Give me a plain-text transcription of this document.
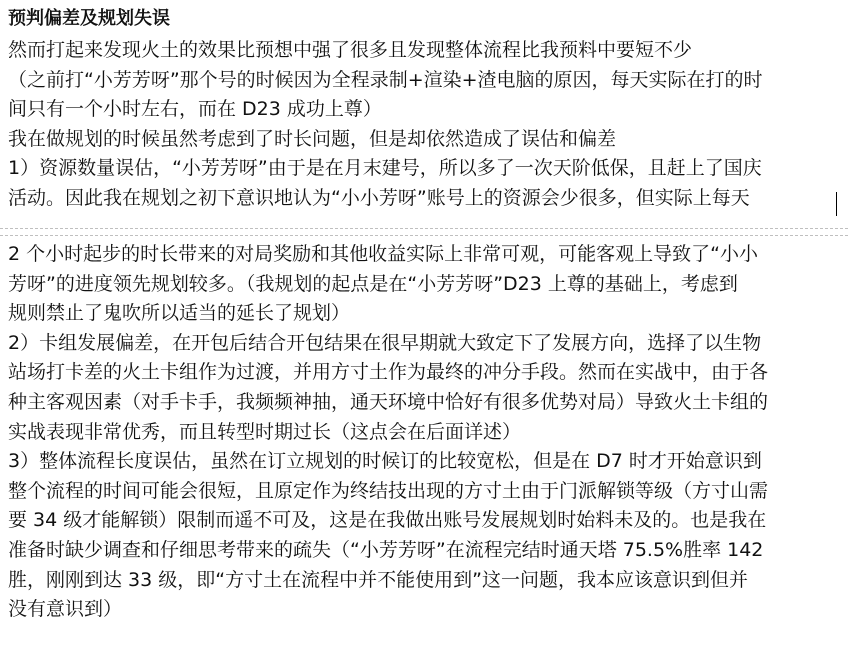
预判偏差及规划失误
然而打起来发现火土的效果比预想中强了很多且发现整体流程比我预料中要短不少
（之前打“小芳芳呀”那个号的时候因为全程录制+渲染+渣电脑的原因，每天实际在打的时
间只有一个小时左右，而在 D23 成功上尊）
我在做规划的时候虽然考虑到了时长问题，但是却依然造成了误估和偏差
1）资源数量误估，“小芳芳呀”由于是在月末建号，所以多了一次天阶低保，且赶上了国庆
活动。因此我在规划之初下意识地认为“小小芳呀”账号上的资源会少很多，但实际上每天
2 个小时起步的时长带来的对局奖励和其他收益实际上非常可观，可能客观上导致了“小小
芳呀”的进度领先规划较多。（我规划的起点是在“小芳芳呀”D23 上尊的基础上，考虑到
规则禁止了鬼吹所以适当的延长了规划）
2）卡组发展偏差，在开包后结合开包结果在很早期就大致定下了发展方向，选择了以生物
站场打卡差的火土卡组作为过渡，并用方寸土作为最终的冲分手段。然而在实战中，由于各
种主客观因素（对手卡手，我频频神抽，通天环境中恰好有很多优势对局）导致火土卡组的
实战表现非常优秀，而且转型时期过长（这点会在后面详述）
3）整体流程长度误估，虽然在订立规划的时候订的比较宽松，但是在 D7 时才开始意识到
整个流程的时间可能会很短，且原定作为终结技出现的方寸土由于门派解锁等级（方寸山需
要 34 级才能解锁）限制而遥不可及，这是在我做出账号发展规划时始料未及的。也是我在
准备时缺少调查和仔细思考带来的疏失（“小芳芳呀”在流程完结时通天塔 75.5%胜率 142
胜，刚刚到达 33 级，即“方寸土在流程中并不能使用到”这一问题，我本应该意识到但并
没有意识到）
